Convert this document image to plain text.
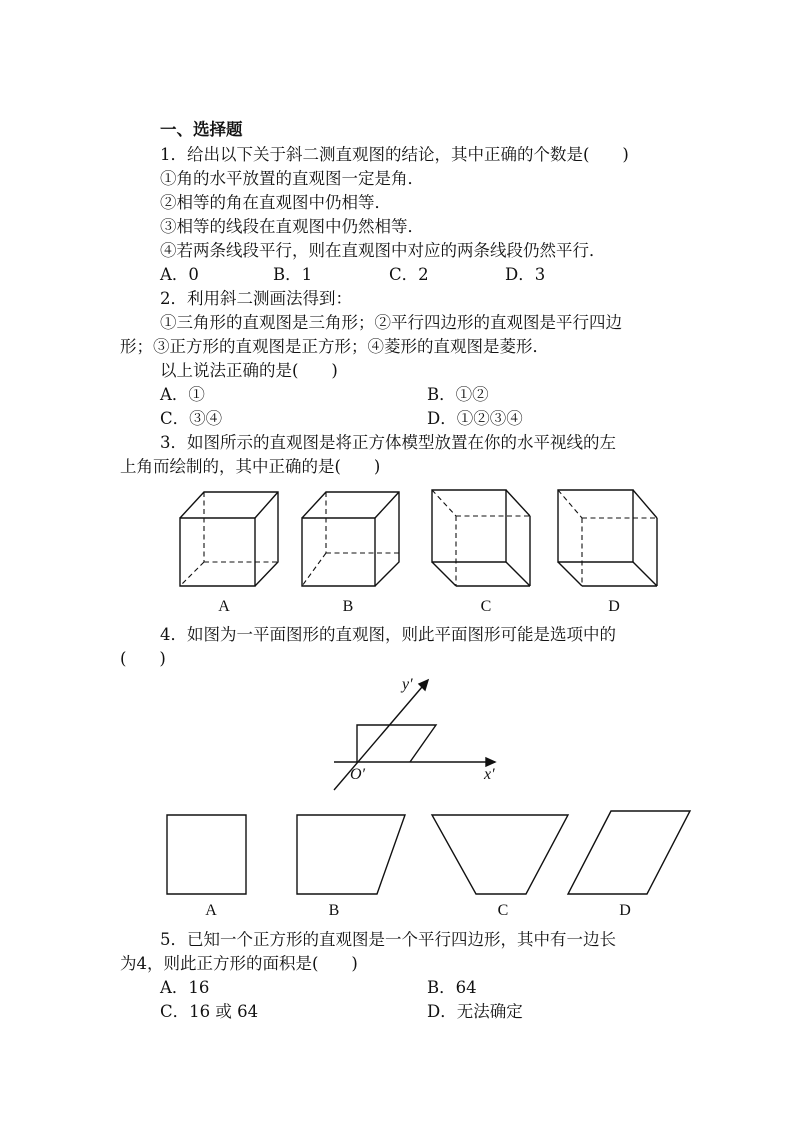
一、选择题
1．给出以下关于斜二测直观图的结论，其中正确的个数是(　　)
①角的水平放置的直观图一定是角．
②相等的角在直观图中仍相等．
③相等的线段在直观图中仍然相等．
④若两条线段平行，则在直观图中对应的两条线段仍然平行．
A．0	B．1	C．2	D．3
2．利用斜二测画法得到：
①三角形的直观图是三角形；②平行四边形的直观图是平行四边
形；③正方形的直观图是正方形；④菱形的直观图是菱形．
以上说法正确的是(　　)
A．①	B．①②
C．③④	D．①②③④
3．如图所示的直观图是将正方体模型放置在你的水平视线的左
上角而绘制的，其中正确的是(　　)
A	B	C	D
4．如图为一平面图形的直观图，则此平面图形可能是选项中的
(　　)
y′
x′
O′
A	B	C	D
5．已知一个正方形的直观图是一个平行四边形，其中有一边长
为4，则此正方形的面积是(　　)
A．16	B．64
C．16 或 64	D．无法确定
